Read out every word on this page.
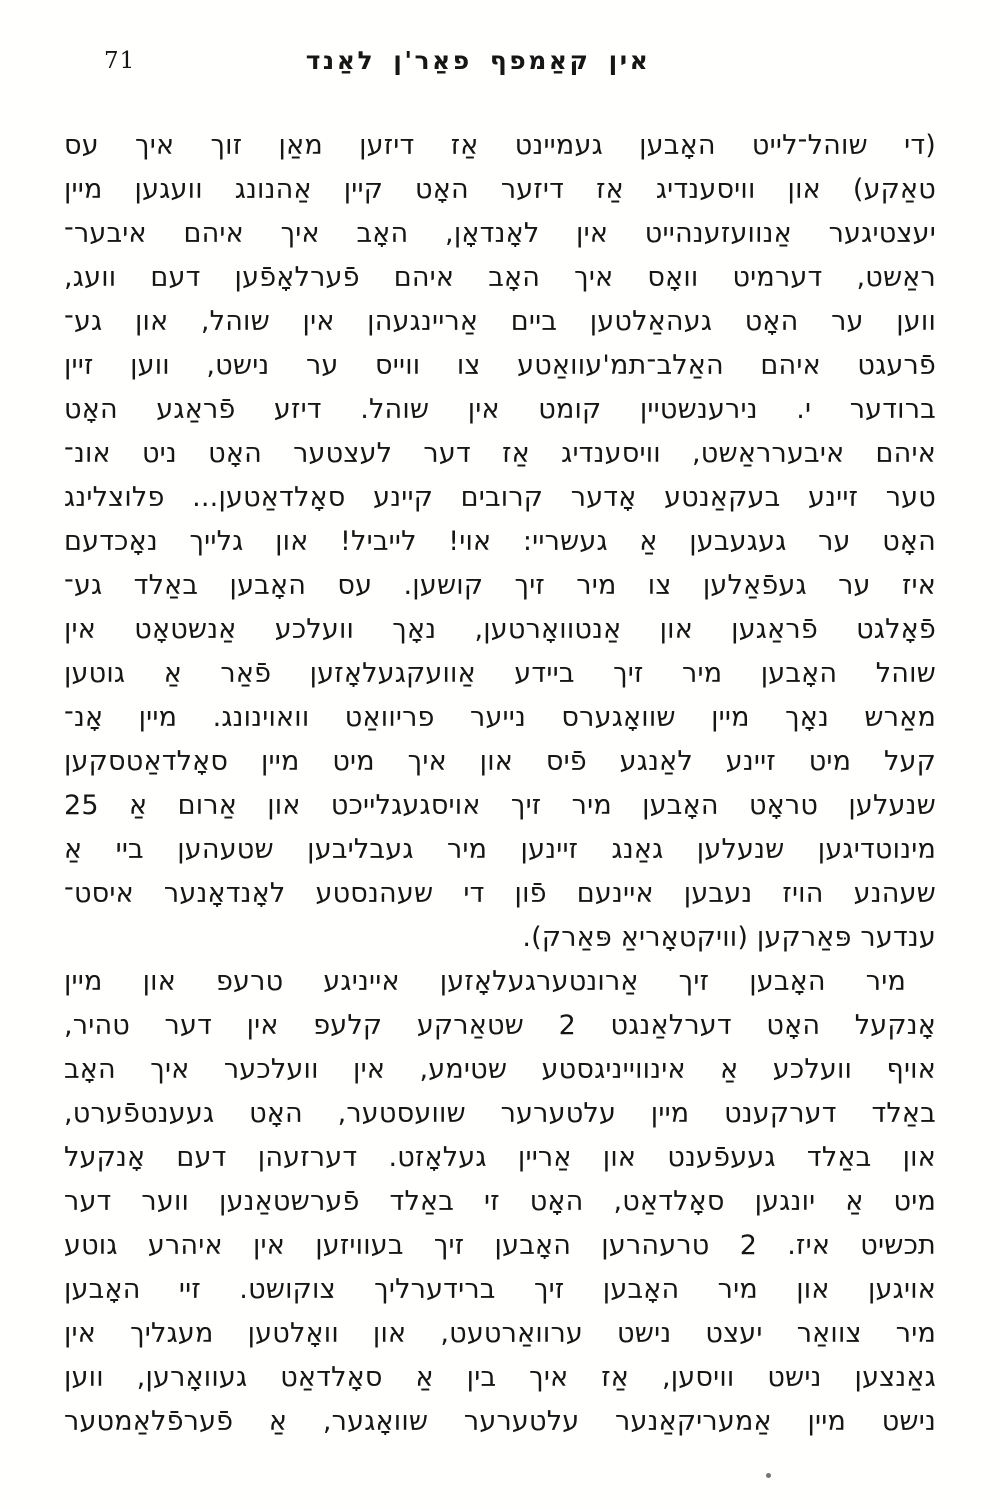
71	אין קאַמפף פאַר'ן לאַנד
(די שוהל־לייט האָבען געמיינט אַז דיזען מאַן זוך איך עס
טאַקע) און וויסענדיג אַז דיזער האָט קיין אַהנונג וועגען מיין
יעצטיגער אַנוועזענהייט אין לאָנדאָן, האָב איך איהם איבער־
ראַשט, דערמיט וואָס איך האָב איהם פֿערלאָפֿען דעם וועג,
ווען ער האָט געהאַלטען ביים אַריינגעהן אין שוהל, און גע־
פֿרעגט איהם האַלב־תמ'עוואַטע צו ווייס ער נישט, ווען זיין
ברודער י. נירענשטיין קומט אין שוהל. דיזע פֿראַגע האָט
איהם איבערראַשט, וויסענדיג אַז דער לעצטער האָט ניט אונ־
טער זיינע בעקאַנטע אָדער קרובים קיינע סאָלדאַטען... פלוצלינג
האָט ער געגעבען אַ געשריי: אוי! לייביל! און גלייך נאָכדעם
איז ער געפֿאַלען צו מיר זיך קושען. עס האָבען באַלד גע־
פֿאָלגט פֿראַגען און אַנטוואָרטען, נאָך וועלכע אַנשטאָט אין
שוהל האָבען מיר זיך ביידע אַוועקגעלאָזען פֿאַר אַ גוטען
מאַרש נאָך מיין שוואָגערס נייער פריוואַט וואוינונג. מיין אָנ־
קעל מיט זיינע לאַנגע פֿיס און איך מיט מיין סאָלדאַטסקען
שנעלען טראָט האָבען מיר זיך אויסגעגלייכט און אַרום אַ 25
מינוטדיגען שנעלען גאַנג זיינען מיר געבליבען שטעהען ביי אַ
שעהנע הויז נעבען איינעם פֿון די שעהנסטע לאָנדאָנער איסט־
ענדער פּאַרקען (וויקטאָריאַ פּאַרק).
מיר האָבען זיך אַרונטערגעלאָזען אייניגע טרעפ און מיין
אָנקעל האָט דערלאַנגט 2 שטאַרקע קלעפ אין דער טהיר,
אויף וועלכע אַ אינווייניגסטע שטימע, אין וועלכער איך האָב
באַלד דערקענט מיין עלטערער שוועסטער, האָט געענטפֿערט,
און באַלד געעפֿענט און אַריין געלאָזט. דערזעהן דעם אָנקעל
מיט אַ יונגען סאָלדאַט, האָט זי באַלד פֿערשטאַנען ווער דער
תכשיט איז. 2 טרעהרען האָבען זיך בעוויזען אין איהרע גוטע
אויגען און מיר האָבען זיך ברידערליך צוקושט. זיי האָבען
מיר צוואַר יעצט נישט ערוואַרטעט, און וואָלטען מעגליך אין
גאַנצען נישט וויסען, אַז איך בין אַ סאָלדאַט געוואָרען, ווען
נישט מיין אַמעריקאַנער עלטערער שוואָגער, אַ פֿערפֿלאַמטער
